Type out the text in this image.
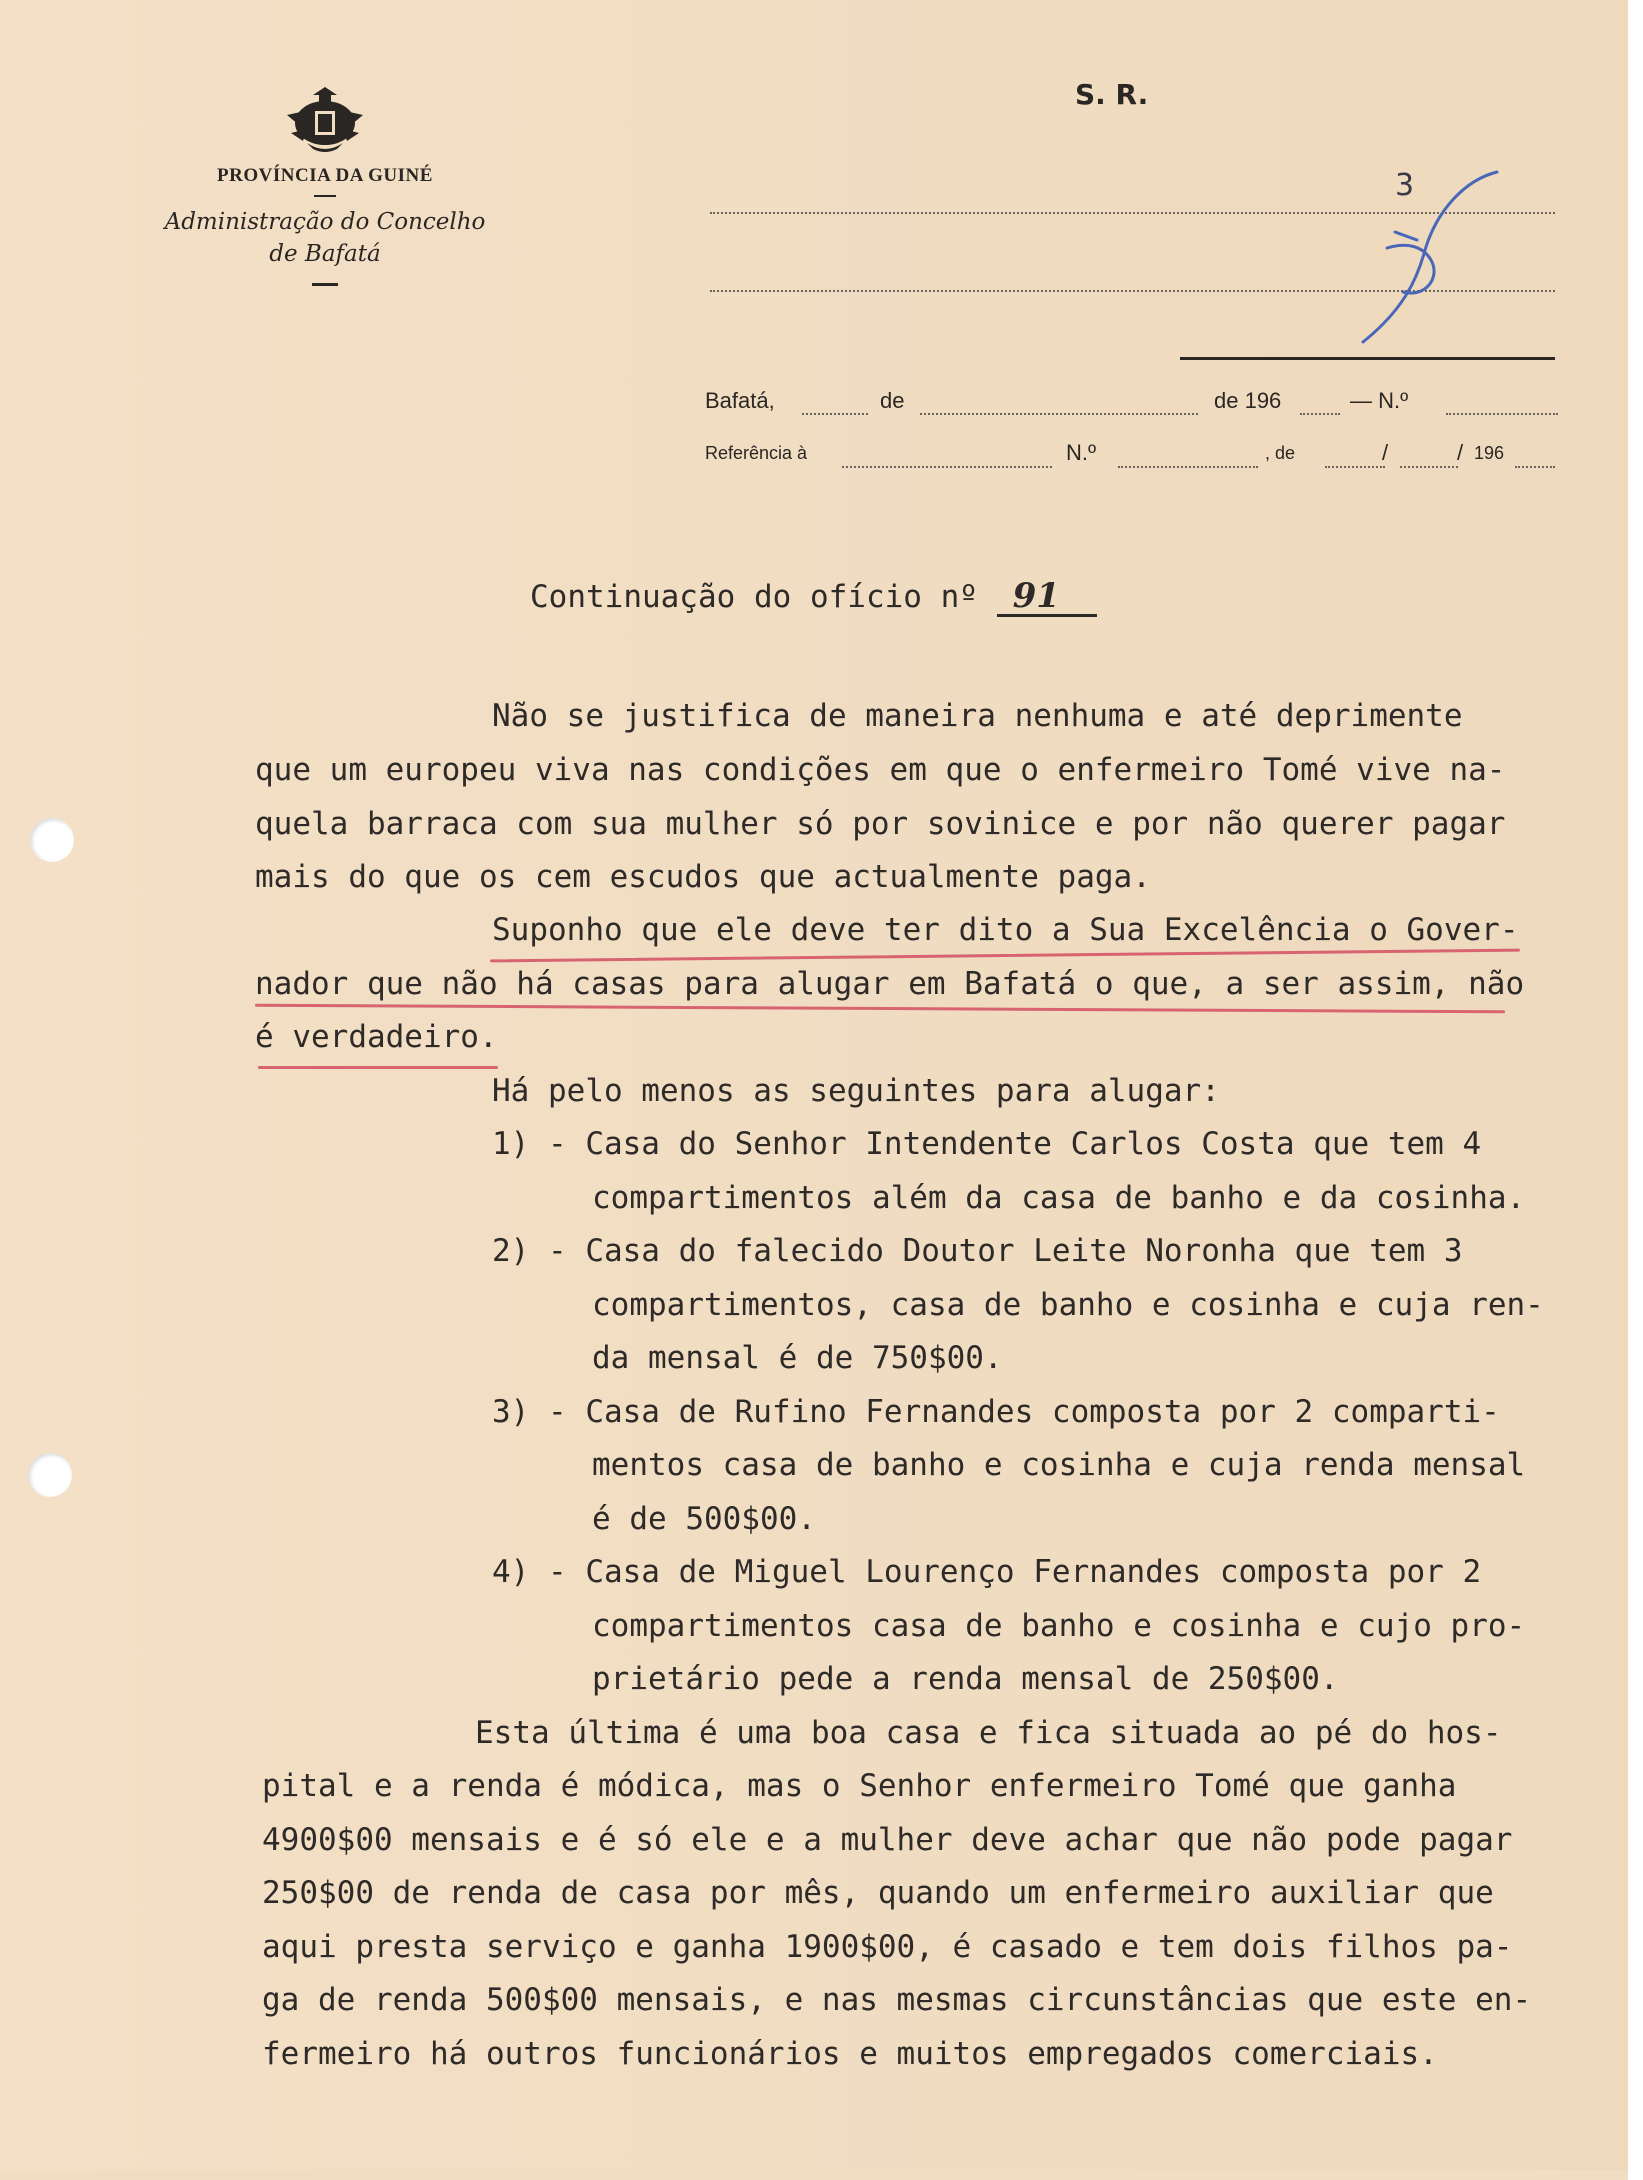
PROVÍNCIA DA GUINÉ
Administração do Concelho
de Bafatá
S. R.
3
Bafatá,	de	de 196	— N.º
Referência à	N.º	, de	/	/ 196
Continuação do ofício nº 91

Não se justifica de maneira nenhuma e até deprimente

que um europeu viva nas condições em que o enfermeiro Tomé vive na-

quela barraca com sua mulher só por sovinice e por não querer pagar

mais do que os cem escudos que actualmente paga.

Suponho que ele deve ter dito a Sua Excelência o Gover-

nador que não há casas para alugar em Bafatá o que, a ser assim, não

é verdadeiro.

Há pelo menos as seguintes para alugar:

1) - Casa do Senhor Intendente Carlos Costa que tem 4

compartimentos além da casa de banho e da cosinha.

2) - Casa do falecido Doutor Leite Noronha que tem 3

compartimentos, casa de banho e cosinha e cuja ren-

da mensal é de 750$00.

3) - Casa de Rufino Fernandes composta por 2 comparti-

mentos casa de banho e cosinha e cuja renda mensal

é de 500$00.

4) - Casa de Miguel Lourenço Fernandes composta por 2

compartimentos casa de banho e cosinha e cujo pro-

prietário pede a renda mensal de 250$00.

Esta última é uma boa casa e fica situada ao pé do hos-

pital e a renda é módica, mas o Senhor enfermeiro Tomé que ganha

4900$00 mensais e é só ele e a mulher deve achar que não pode pagar

250$00 de renda de casa por mês, quando um enfermeiro auxiliar que

aqui presta serviço e ganha 1900$00, é casado e tem dois filhos pa-

ga de renda 500$00 mensais, e nas mesmas circunstâncias que este en-

fermeiro há outros funcionários e muitos empregados comerciais.
